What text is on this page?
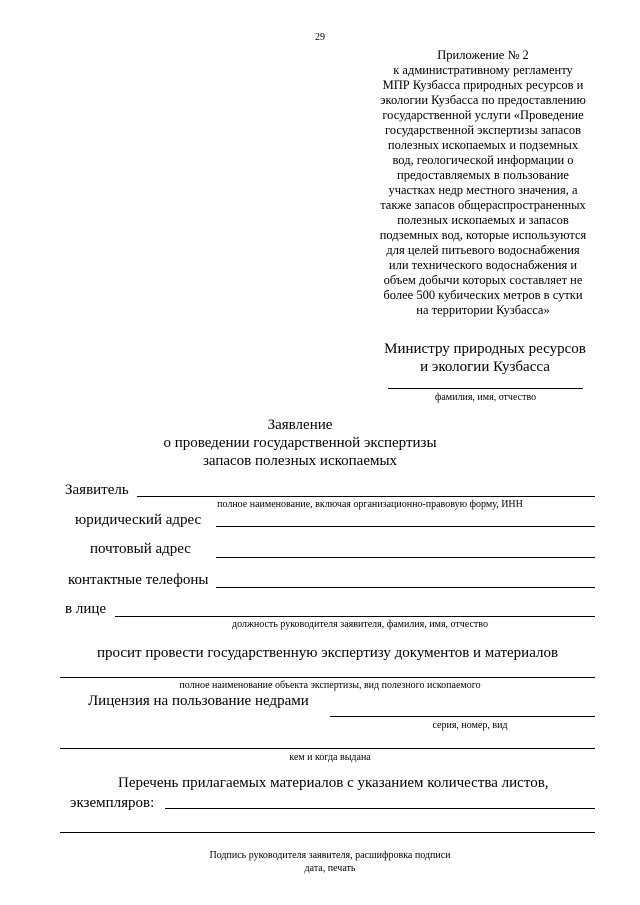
29
Приложение № 2
к административному регламенту
МПР Кузбасса природных ресурсов и
экологии Кузбасса по предоставлению
государственной услуги «Проведение
государственной экспертизы запасов
полезных ископаемых и подземных
вод, геологической информации о
предоставляемых в пользование
участках недр местного значения, а
также запасов общераспространенных
полезных ископаемых и запасов
подземных вод, которые используются
для целей питьевого водоснабжения
или технического водоснабжения и
объем добычи которых составляет не
более 500 кубических метров в сутки
на территории Кузбасса»
Министру природных ресурсов
и экологии Кузбасса
фамилия, имя, отчество
Заявление
о проведении государственной экспертизы
запасов полезных ископаемых
Заявитель
полное наименование, включая организационно-правовую форму, ИНН
юридический адрес
почтовый адрес
контактные телефоны
в лице
должность руководителя заявителя, фамилия, имя, отчество
просит провести государственную экспертизу документов и материалов
полное наименование объекта экспертизы, вид полезного ископаемого
Лицензия на пользование недрами
серия, номер, вид
кем и когда выдана
Перечень прилагаемых материалов с указанием количества листов,
экземпляров:
Подпись руководителя заявителя, расшифровка подписи
дата, печать
